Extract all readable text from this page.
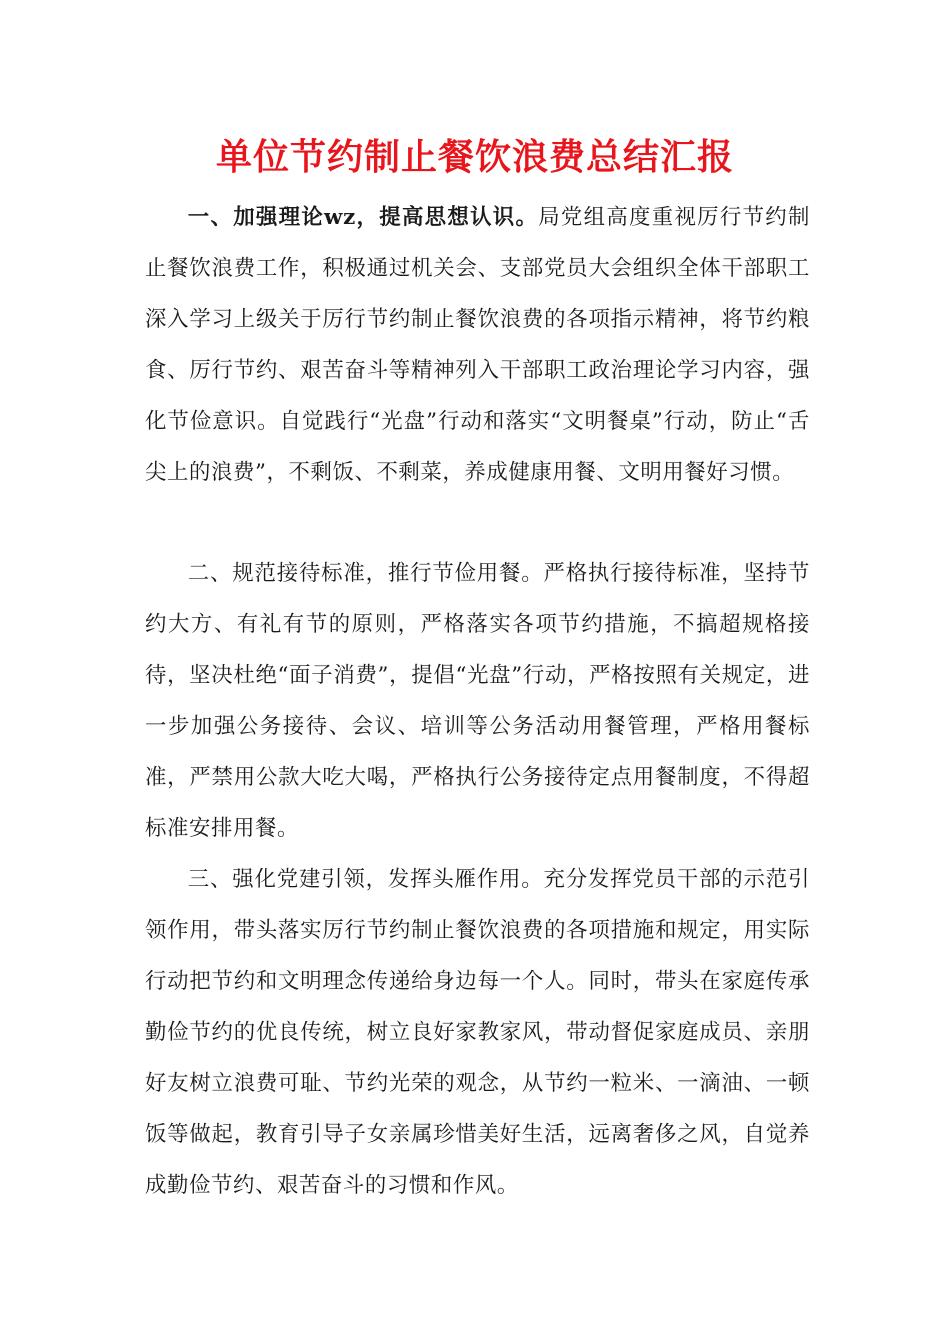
单位节约制止餐饮浪费总结汇报

一、加强理论wz，提高思想认识。局党组高度重视厉行节约制止餐饮浪费工作，积极通过机关会、支部党员大会组织全体干部职工深入学习上级关于厉行节约制止餐饮浪费的各项指示精神，将节约粮食、厉行节约、艰苦奋斗等精神列入干部职工政治理论学习内容，强化节俭意识。自觉践行“光盘”行动和落实“文明餐桌”行动，防止“舌尖上的浪费”，不剩饭、不剩菜，养成健康用餐、文明用餐好习惯。

二、规范接待标准，推行节俭用餐。严格执行接待标准，坚持节约大方、有礼有节的原则，严格落实各项节约措施，不搞超规格接待，坚决杜绝“面子消费”，提倡“光盘”行动，严格按照有关规定，进一步加强公务接待、会议、培训等公务活动用餐管理，严格用餐标准，严禁用公款大吃大喝，严格执行公务接待定点用餐制度，不得超标准安排用餐。

三、强化党建引领，发挥头雁作用。充分发挥党员干部的示范引领作用，带头落实厉行节约制止餐饮浪费的各项措施和规定，用实际行动把节约和文明理念传递给身边每一个人。同时，带头在家庭传承勤俭节约的优良传统，树立良好家教家风，带动督促家庭成员、亲朋好友树立浪费可耻、节约光荣的观念，从节约一粒米、一滴油、一顿饭等做起，教育引导子女亲属珍惜美好生活，远离奢侈之风，自觉养成勤俭节约、艰苦奋斗的习惯和作风。
